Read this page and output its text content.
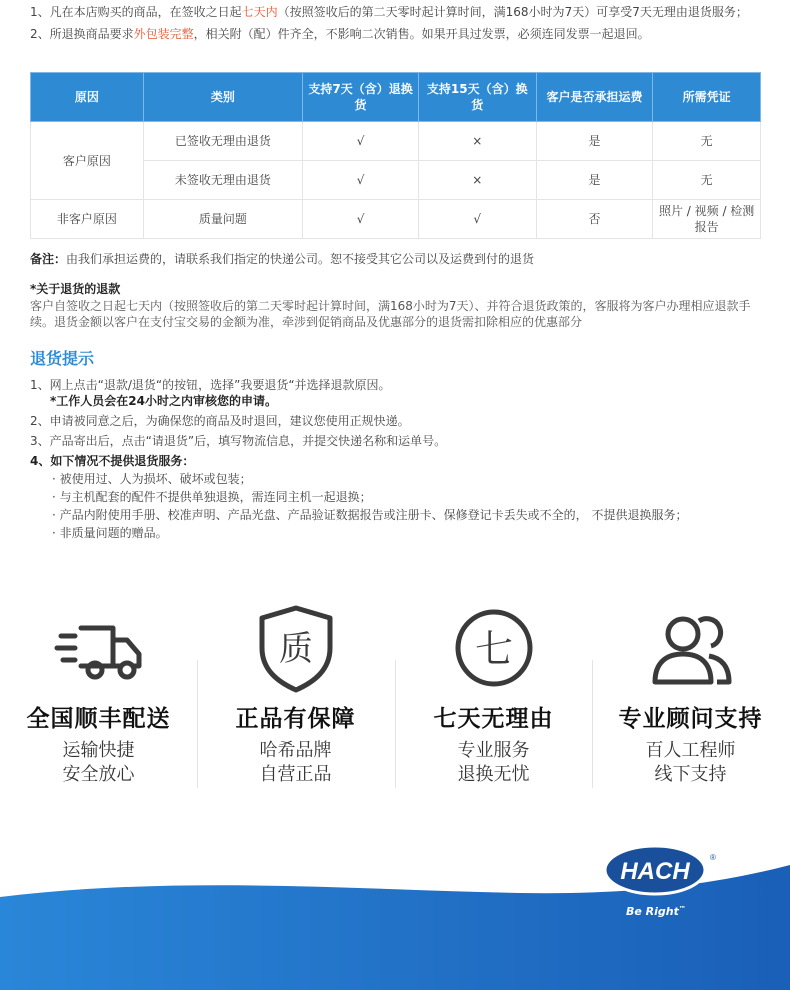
1、凡在本店购买的商品，在签收之日起七天内（按照签收后的第二天零时起计算时间，满168小时为7天）可享受7天无理由退货服务；

2、所退换商品要求外包装完整，相关附（配）件齐全，不影响二次销售。如果开具过发票，必须连同发票一起退回。

原因	类别	支持7天（含）退换货	支持15天（含）换货	客户是否承担运费	所需凭证
客户原因	已签收无理由退货	√	×	是	无
	未签收无理由退货	√	×	是	无
非客户原因	质量问题	√	√	否	照片 / 视频 / 检测报告
备注：由我们承担运费的，请联系我们指定的快递公司。恕不接受其它公司以及运费到付的退货
*关于退货的退款
客户自签收之日起七天内（按照签收后的第二天零时起计算时间，满168小时为7天）、并符合退货政策的，客服将为客户办理相应退款手续。退货金额以客户在支付宝交易的金额为准，牵涉到促销商品及优惠部分的退货需扣除相应的优惠部分
退货提示
1、网上点击“退款/退货“的按钮，选择”我要退货“并选择退款原因。
*工作人员会在24小时之内审核您的申请。
2、申请被同意之后，为确保您的商品及时退回，建议您使用正规快递。
3、产品寄出后，点击“请退货”后，填写物流信息，并提交快递名称和运单号。
4、如下情况不提供退货服务：
· 被使用过、人为损坏、破坏或包装；
· 与主机配套的配件不提供单独退换，需连同主机一起退换；
· 产品内附使用手册、校准声明、产品光盘、产品验证数据报告或注册卡、保修登记卡丢失或不全的， 不提供退换服务；
· 非质量问题的赠品。
全国顺丰配送
运输快捷
安全放心
质
正品有保障
哈希品牌
自营正品
七
七天无理由
专业服务
退换无忧
专业顾问支持
百人工程师
线下支持
HACH
®
Be Right™
